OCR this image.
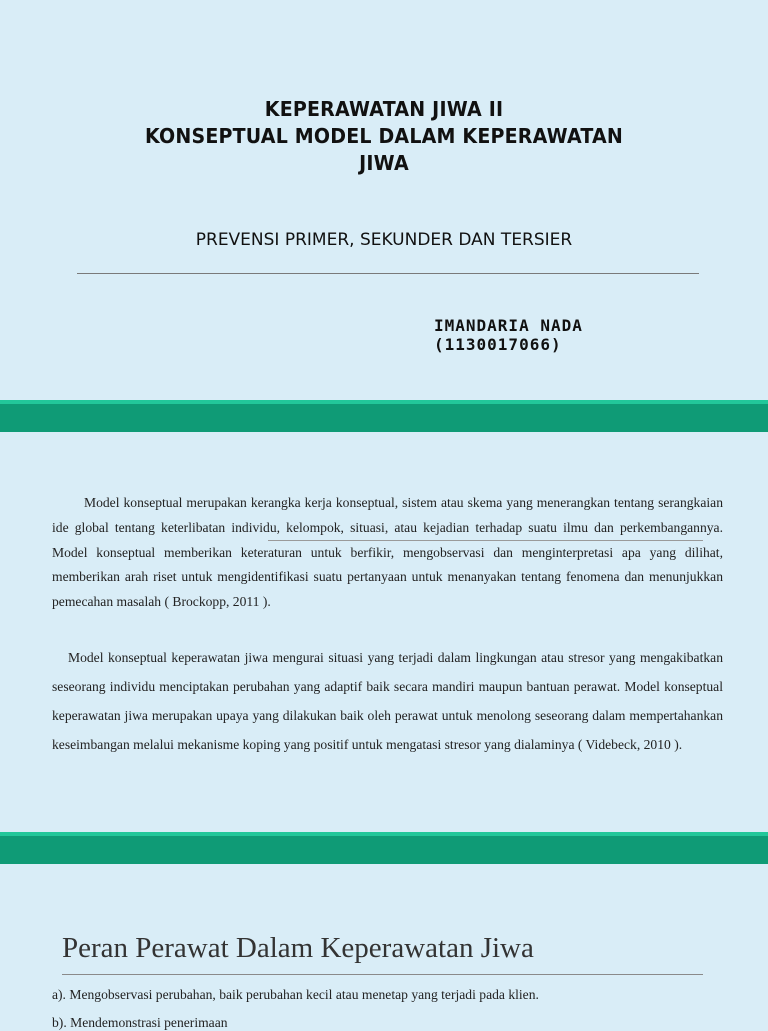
KEPERAWATAN JIWA II
KONSEPTUAL MODEL DALAM KEPERAWATAN
JIWA
PREVENSI PRIMER, SEKUNDER DAN TERSIER
IMANDARIA NADA
(1130017066)
Model konseptual merupakan kerangka kerja konseptual, sistem atau skema yang menerangkan tentang serangkaian ide global tentang keterlibatan individu, kelompok, situasi, atau kejadian terhadap suatu ilmu dan perkembangannya. Model konseptual memberikan keteraturan untuk berfikir, mengobservasi dan menginterpretasi apa yang dilihat, memberikan arah riset untuk mengidentifikasi suatu pertanyaan untuk menanyakan tentang fenomena dan menunjukkan pemecahan masalah ( Brockopp, 2011 ).
Model konseptual keperawatan jiwa mengurai situasi yang terjadi dalam lingkungan atau stresor yang mengakibatkan seseorang individu menciptakan perubahan yang adaptif baik secara mandiri maupun bantuan perawat. Model konseptual keperawatan jiwa merupakan upaya yang dilakukan baik oleh perawat untuk menolong seseorang dalam mempertahankan keseimbangan melalui mekanisme koping yang positif untuk mengatasi stresor yang dialaminya ( Videbeck, 2010 ).
Peran Perawat Dalam Keperawatan Jiwa
a). Mengobservasi perubahan, baik perubahan kecil atau menetap yang terjadi pada klien.
b). Mendemonstrasi penerimaan
